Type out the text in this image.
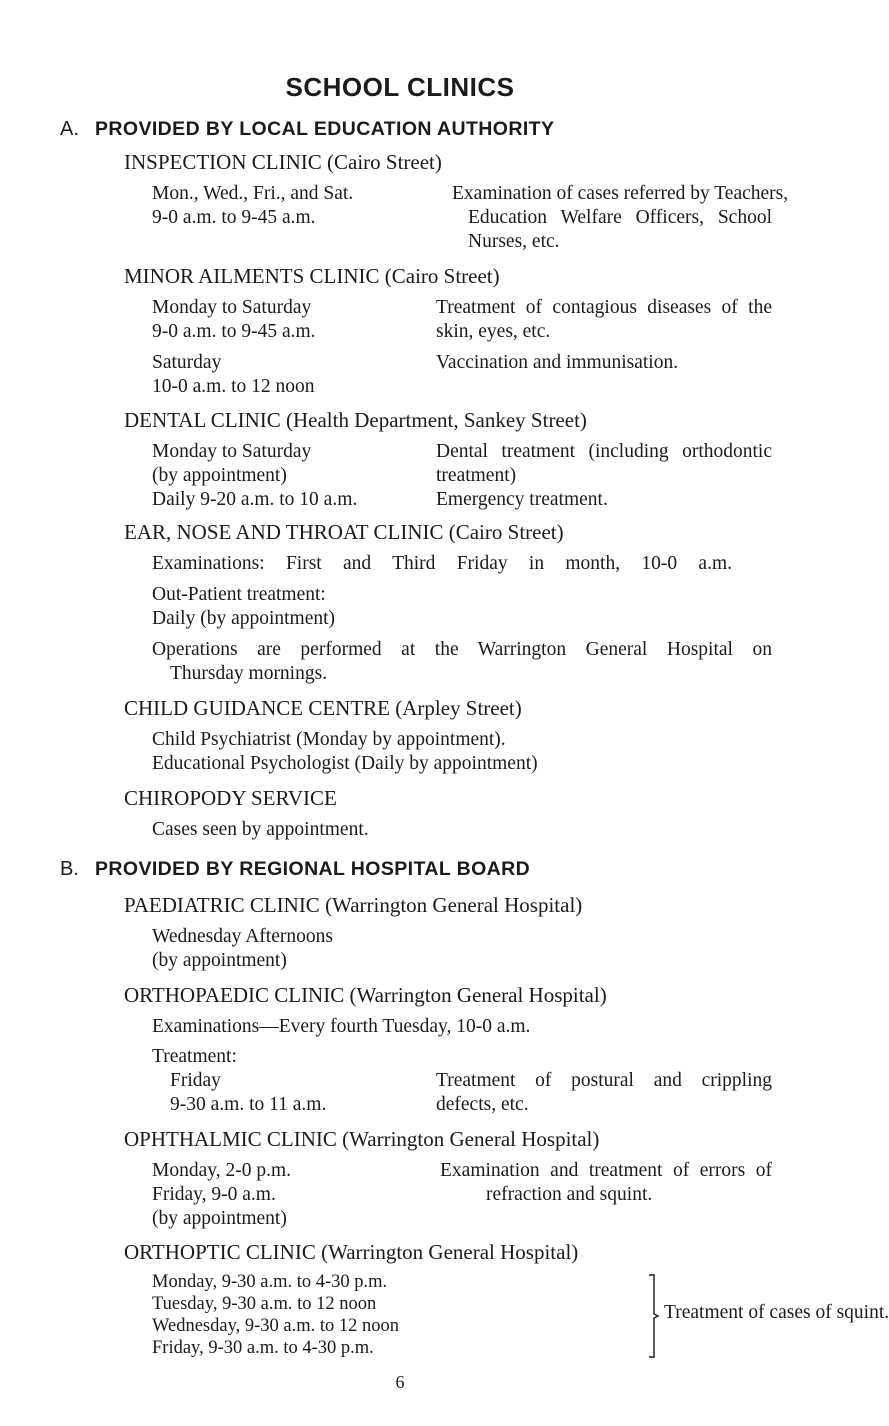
SCHOOL CLINICS
A. PROVIDED BY LOCAL EDUCATION AUTHORITY
INSPECTION CLINIC (Cairo Street)
Mon., Wed., Fri., and Sat.
9-0 a.m. to 9-45 a.m.
Examination of cases referred by Teachers,
Education Welfare Officers, School
Nurses, etc.
MINOR AILMENTS CLINIC (Cairo Street)
Monday to Saturday
9-0 a.m. to 9-45 a.m.
Treatment of contagious diseases of the
skin, eyes, etc.
Saturday
10-0 a.m. to 12 noon
Vaccination and immunisation.
DENTAL CLINIC (Health Department, Sankey Street)
Monday to Saturday
(by appointment)
Daily 9-20 a.m. to 10 a.m.
Dental treatment (including orthodontic
treatment)
Emergency treatment.
EAR, NOSE AND THROAT CLINIC (Cairo Street)
Examinations: First and Third Friday in month, 10-0 a.m.
Out-Patient treatment:
Daily (by appointment)
Operations are performed at the Warrington General Hospital on
Thursday mornings.
CHILD GUIDANCE CENTRE (Arpley Street)
Child Psychiatrist (Monday by appointment).
Educational Psychologist (Daily by appointment)
CHIROPODY SERVICE
Cases seen by appointment.
B. PROVIDED BY REGIONAL HOSPITAL BOARD
PAEDIATRIC CLINIC (Warrington General Hospital)
Wednesday Afternoons
(by appointment)
ORTHOPAEDIC CLINIC (Warrington General Hospital)
Examinations—Every fourth Tuesday, 10-0 a.m.
Treatment:
Friday
9-30 a.m. to 11 a.m.
Treatment of postural and crippling
defects, etc.
OPHTHALMIC CLINIC (Warrington General Hospital)
Monday, 2-0 p.m.
Friday, 9-0 a.m.
(by appointment)
Examination and treatment of errors of
refraction and squint.
ORTHOPTIC CLINIC (Warrington General Hospital)
Monday, 9-30 a.m. to 4-30 p.m.
Tuesday, 9-30 a.m. to 12 noon
Wednesday, 9-30 a.m. to 12 noon
Friday, 9-30 a.m. to 4-30 p.m.
Treatment of cases of squint.
6
